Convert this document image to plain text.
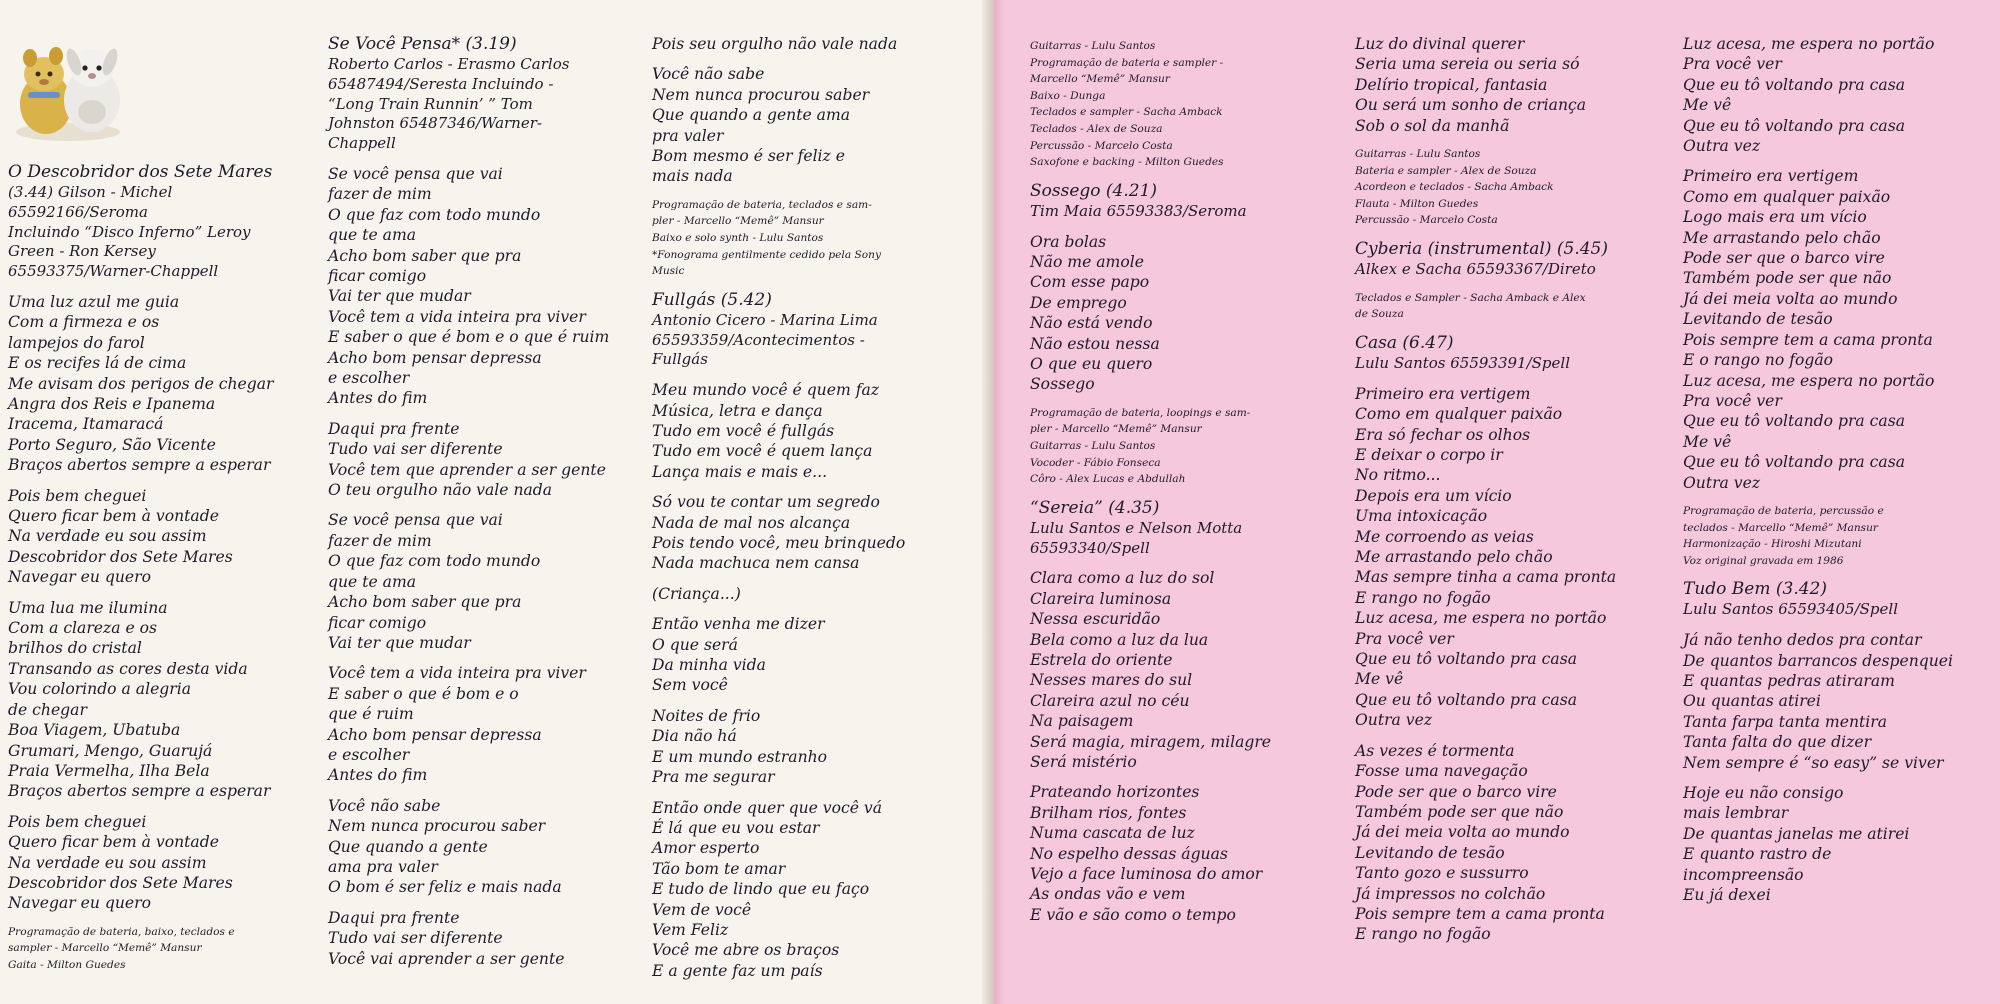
O Descobridor dos Sete Mares
(3.44) Gilson - Michel
65592166/Seroma
Incluindo “Disco Inferno” Leroy
Green - Ron Kersey
65593375/Warner-Chappell
Uma luz azul me guia
Com a firmeza e os
lampejos do farol
E os recifes lá de cima
Me avisam dos perigos de chegar
Angra dos Reis e Ipanema
Iracema, Itamaracá
Porto Seguro, São Vicente
Braços abertos sempre a esperar
Pois bem cheguei
Quero ficar bem à vontade
Na verdade eu sou assim
Descobridor dos Sete Mares
Navegar eu quero
Uma lua me ilumina
Com a clareza e os
brilhos do cristal
Transando as cores desta vida
Vou colorindo a alegria
de chegar
Boa Viagem, Ubatuba
Grumari, Mengo, Guarujá
Praia Vermelha, Ilha Bela
Braços abertos sempre a esperar
Pois bem cheguei
Quero ficar bem à vontade
Na verdade eu sou assim
Descobridor dos Sete Mares
Navegar eu quero
Programação de bateria, baixo, teclados e
sampler - Marcello “Memê” Mansur
Gaita - Milton Guedes
Se Você Pensa* (3.19)
Roberto Carlos - Erasmo Carlos
65487494/Seresta Incluindo -
“Long Train Runnin’ ” Tom
Johnston 65487346/Warner-
Chappell
Se você pensa que vai
fazer de mim
O que faz com todo mundo
que te ama
Acho bom saber que pra
ficar comigo
Vai ter que mudar
Você tem a vida inteira pra viver
E saber o que é bom e o que é ruim
Acho bom pensar depressa
e escolher
Antes do fim
Daqui pra frente
Tudo vai ser diferente
Você tem que aprender a ser gente
O teu orgulho não vale nada
Se você pensa que vai
fazer de mim
O que faz com todo mundo
que te ama
Acho bom saber que pra
ficar comigo
Vai ter que mudar
Você tem a vida inteira pra viver
E saber o que é bom e o
que é ruim
Acho bom pensar depressa
e escolher
Antes do fim
Você não sabe
Nem nunca procurou saber
Que quando a gente
ama pra valer
O bom é ser feliz e mais nada
Daqui pra frente
Tudo vai ser diferente
Você vai aprender a ser gente
Pois seu orgulho não vale nada
Você não sabe
Nem nunca procurou saber
Que quando a gente ama
pra valer
Bom mesmo é ser feliz e
mais nada
Programação de bateria, teclados e sam-
pler - Marcello “Memê” Mansur
Baixo e solo synth - Lulu Santos
*Fonograma gentilmente cedido pela Sony
Music
Fullgás (5.42)
Antonio Cicero - Marina Lima
65593359/Acontecimentos -
Fullgás
Meu mundo você é quem faz
Música, letra e dança
Tudo em você é fullgás
Tudo em você é quem lança
Lança mais e mais e...
Só vou te contar um segredo
Nada de mal nos alcança
Pois tendo você, meu brinquedo
Nada machuca nem cansa
(Criança...)
Então venha me dizer
O que será
Da minha vida
Sem você
Noites de frio
Dia não há
E um mundo estranho
Pra me segurar
Então onde quer que você vá
É lá que eu vou estar
Amor esperto
Tão bom te amar
E tudo de lindo que eu faço
Vem de você
Vem Feliz
Você me abre os braços
E a gente faz um país
Guitarras - Lulu Santos
Programação de bateria e sampler -
Marcello “Memê” Mansur
Baixo - Dunga
Teclados e sampler - Sacha Amback
Teclados - Alex de Souza
Percussão - Marcelo Costa
Saxofone e backing - Milton Guedes
Sossego (4.21)
Tim Maia 65593383/Seroma
Ora bolas
Não me amole
Com esse papo
De emprego
Não está vendo
Não estou nessa
O que eu quero
Sossego
Programação de bateria, loopings e sam-
pler - Marcello “Memê” Mansur
Guitarras - Lulu Santos
Vocoder - Fábio Fonseca
Côro - Alex Lucas e Abdullah
“Sereia” (4.35)
Lulu Santos e Nelson Motta
65593340/Spell
Clara como a luz do sol
Clareira luminosa
Nessa escuridão
Bela como a luz da lua
Estrela do oriente
Nesses mares do sul
Clareira azul no céu
Na paisagem
Será magia, miragem, milagre
Será mistério
Prateando horizontes
Brilham rios, fontes
Numa cascata de luz
No espelho dessas águas
Vejo a face luminosa do amor
As ondas vão e vem
E vão e são como o tempo
Luz do divinal querer
Seria uma sereia ou seria só
Delírio tropical, fantasia
Ou será um sonho de criança
Sob o sol da manhã
Guitarras - Lulu Santos
Bateria e sampler - Alex de Souza
Acordeon e teclados - Sacha Amback
Flauta - Milton Guedes
Percussão - Marcelo Costa
Cyberia (instrumental) (5.45)
Alkex e Sacha 65593367/Direto
Teclados e Sampler - Sacha Amback e Alex
de Souza
Casa (6.47)
Lulu Santos 65593391/Spell
Primeiro era vertigem
Como em qualquer paixão
Era só fechar os olhos
E deixar o corpo ir
No ritmo...
Depois era um vício
Uma intoxicação
Me corroendo as veias
Me arrastando pelo chão
Mas sempre tinha a cama pronta
E rango no fogão
Luz acesa, me espera no portão
Pra você ver
Que eu tô voltando pra casa
Me vê
Que eu tô voltando pra casa
Outra vez
As vezes é tormenta
Fosse uma navegação
Pode ser que o barco vire
Também pode ser que não
Já dei meia volta ao mundo
Levitando de tesão
Tanto gozo e sussurro
Já impressos no colchão
Pois sempre tem a cama pronta
E rango no fogão
Luz acesa, me espera no portão
Pra você ver
Que eu tô voltando pra casa
Me vê
Que eu tô voltando pra casa
Outra vez
Primeiro era vertigem
Como em qualquer paixão
Logo mais era um vício
Me arrastando pelo chão
Pode ser que o barco vire
Também pode ser que não
Já dei meia volta ao mundo
Levitando de tesão
Pois sempre tem a cama pronta
E o rango no fogão
Luz acesa, me espera no portão
Pra você ver
Que eu tô voltando pra casa
Me vê
Que eu tô voltando pra casa
Outra vez
Programação de bateria, percussão e
teclados - Marcello “Memê” Mansur
Harmonização - Hiroshi Mizutani
Voz original gravada em 1986
Tudo Bem (3.42)
Lulu Santos 65593405/Spell
Já não tenho dedos pra contar
De quantos barrancos despenquei
E quantas pedras atiraram
Ou quantas atirei
Tanta farpa tanta mentira
Tanta falta do que dizer
Nem sempre é “so easy” se viver
Hoje eu não consigo
mais lembrar
De quantas janelas me atirei
E quanto rastro de
incompreensão
Eu já dexei
